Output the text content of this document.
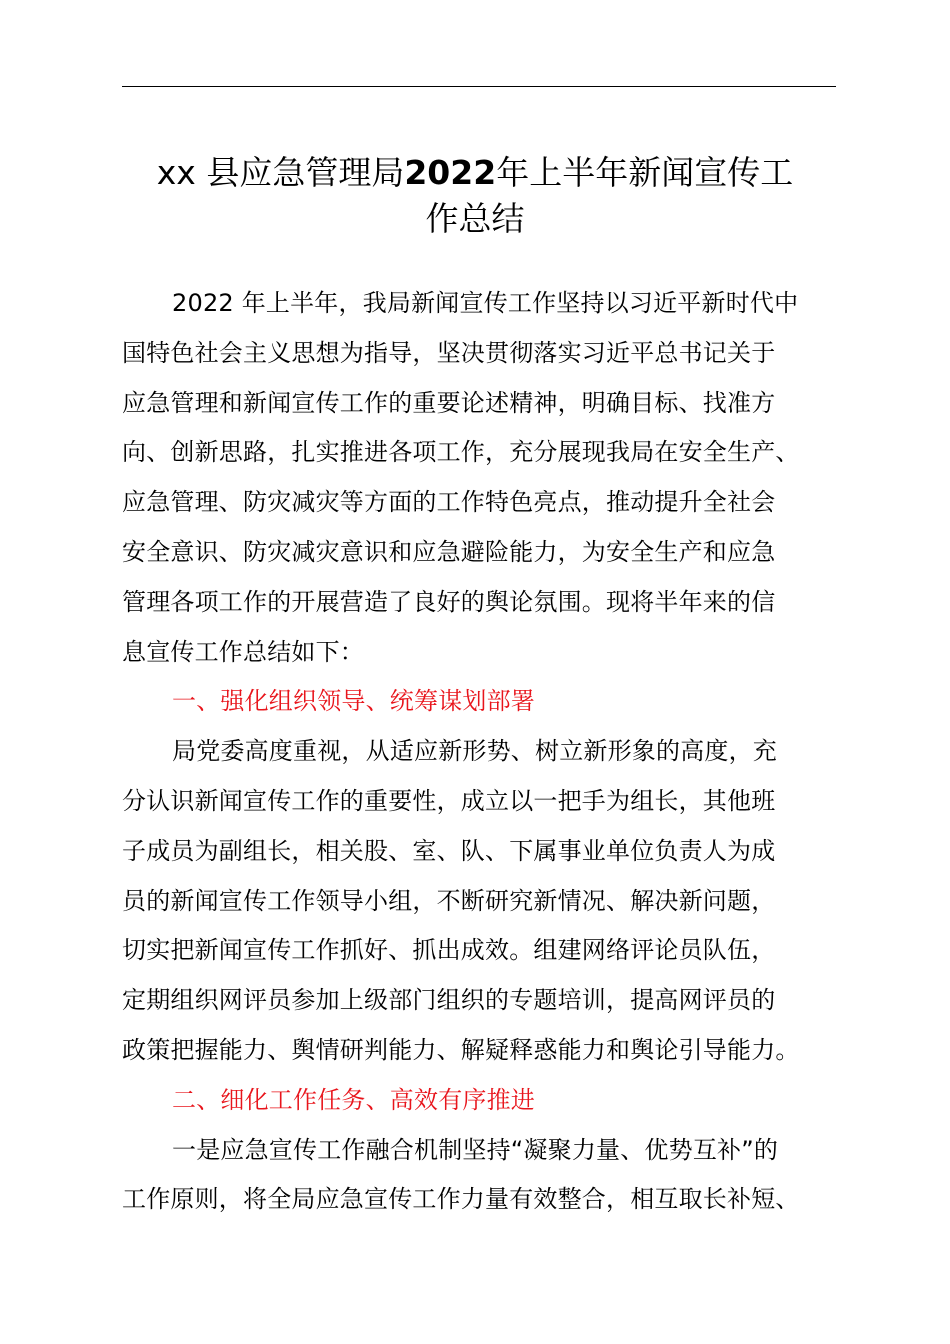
xx 县应急管理局2022年上半年新闻宣传工
作总结

2022 年上半年，我局新闻宣传工作坚持以习近平新时代中
国特色社会主义思想为指导，坚决贯彻落实习近平总书记关于
应急管理和新闻宣传工作的重要论述精神，明确目标、找准方
向、创新思路，扎实推进各项工作，充分展现我局在安全生产、
应急管理、防灾减灾等方面的工作特色亮点，推动提升全社会
安全意识、防灾减灾意识和应急避险能力，为安全生产和应急
管理各项工作的开展营造了良好的舆论氛围。现将半年来的信
息宣传工作总结如下：

一、强化组织领导、统筹谋划部署

局党委高度重视，从适应新形势、树立新形象的高度，充
分认识新闻宣传工作的重要性，成立以一把手为组长，其他班
子成员为副组长，相关股、室、队、下属事业单位负责人为成
员的新闻宣传工作领导小组，不断研究新情况、解决新问题，
切实把新闻宣传工作抓好、抓出成效。组建网络评论员队伍，
定期组织网评员参加上级部门组织的专题培训，提高网评员的
政策把握能力、舆情研判能力、解疑释惑能力和舆论引导能力。

二、细化工作任务、高效有序推进

一是应急宣传工作融合机制坚持“凝聚力量、优势互补”的
工作原则，将全局应急宣传工作力量有效整合，相互取长补短、
